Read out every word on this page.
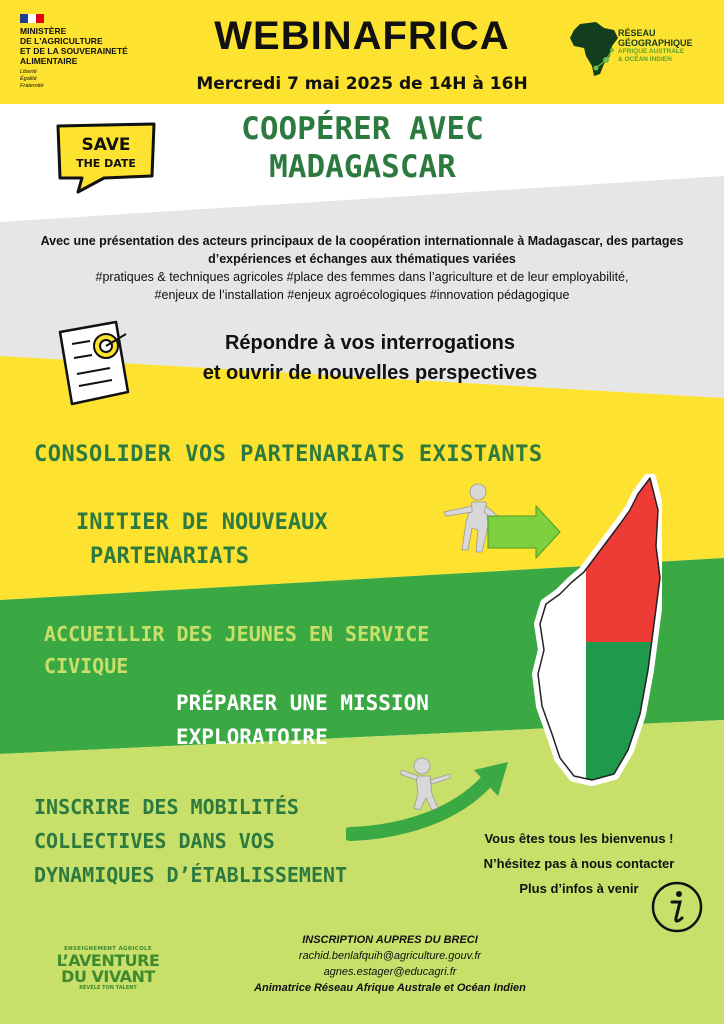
MINISTÈRE
DE L'AGRICULTURE
ET DE LA SOUVERAINETÉ
ALIMENTAIRE
Liberté
Égalité
Fraternité
WEBINAFRICA
Mercredi 7 mai 2025 de 14H à 16H
RÉSEAU
GÉOGRAPHIQUE
AFRIQUE AUSTRALE
& OCÉAN INDIEN
SAVE
THE DATE
COOPÉRER AVEC
MADAGASCAR
Avec une présentation des acteurs principaux de la coopération internationnale à Madagascar, des partages d’expériences et échanges aux thématiques variées
#pratiques & techniques agricoles #place des femmes dans l’agriculture et de leur employabilité,
#enjeux de l’installation #enjeux agroécologiques #innovation pédagogique
Répondre à vos interrogations
et ouvrir de nouvelles perspectives
CONSOLIDER VOS PARTENARIATS EXISTANTS
INITIER DE NOUVEAUX
PARTENARIATS
ACCUEILLIR DES JEUNES EN SERVICE
CIVIQUE
PRÉPARER UNE MISSION
EXPLORATOIRE
INSCRIRE DES MOBILITÉS
COLLECTIVES DANS VOS
DYNAMIQUES D’ÉTABLISSEMENT
Vous êtes tous les bienvenus !
N’hésitez pas à nous contacter
Plus d’infos à venir
ENSEIGNEMENT AGRICOLE
L’AVENTURE
DU VIVANT
RÉVÈLE TON TALENT
INSCRIPTION AUPRES DU BRECI
rachid.benlafquih@agriculture.gouv.fr
agnes.estager@educagri.fr
Animatrice Réseau Afrique Australe et Océan Indien
